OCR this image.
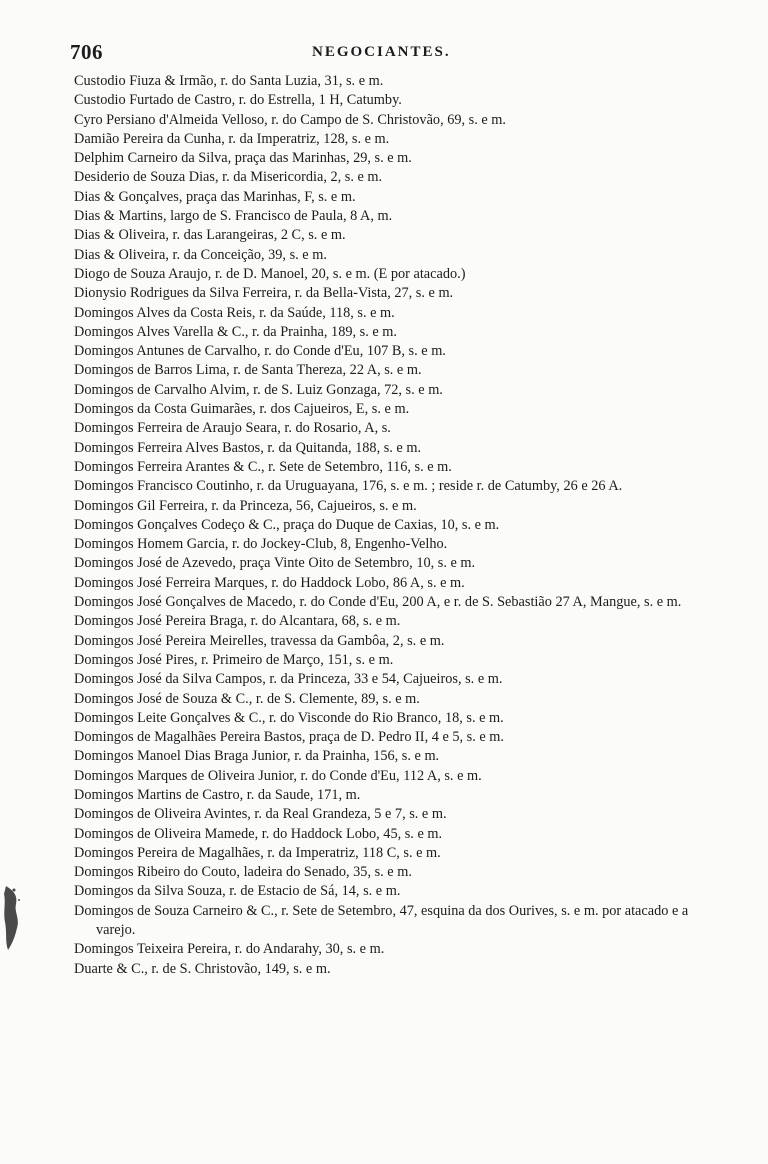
706	NEGOCIANTES.
Custodio Fiuza & Irmão, r. do Santa Luzia, 31, s. e m.
Custodio Furtado de Castro, r. do Estrella, 1 H, Catumby.
Cyro Persiano d'Almeida Velloso, r. do Campo de S. Christovão, 69, s. e m.
Damião Pereira da Cunha, r. da Imperatriz, 128, s. e m.
Delphim Carneiro da Silva, praça das Marinhas, 29, s. e m.
Desiderio de Souza Dias, r. da Misericordia, 2, s. e m.
Dias & Gonçalves, praça das Marinhas, F, s. e m.
Dias & Martins, largo de S. Francisco de Paula, 8 A, m.
Dias & Oliveira, r. das Larangeiras, 2 C, s. e m.
Dias & Oliveira, r. da Conceição, 39, s. e m.
Diogo de Souza Araujo, r. de D. Manoel, 20, s. e m. (E por atacado.)
Dionysio Rodrigues da Silva Ferreira, r. da Bella-Vista, 27, s. e m.
Domingos Alves da Costa Reis, r. da Saúde, 118, s. e m.
Domingos Alves Varella & C., r. da Prainha, 189, s. e m.
Domingos Antunes de Carvalho, r. do Conde d'Eu, 107 B, s. e m.
Domingos de Barros Lima, r. de Santa Thereza, 22 A, s. e m.
Domingos de Carvalho Alvim, r. de S. Luiz Gonzaga, 72, s. e m.
Domingos da Costa Guimarães, r. dos Cajueiros, E, s. e m.
Domingos Ferreira de Araujo Seara, r. do Rosario, A, s.
Domingos Ferreira Alves Bastos, r. da Quitanda, 188, s. e m.
Domingos Ferreira Arantes & C., r. Sete de Setembro, 116, s. e m.
Domingos Francisco Coutinho, r. da Uruguayana, 176, s. e m. ; reside r. de Catumby, 26 e 26 A.
Domingos Gil Ferreira, r. da Princeza, 56, Cajueiros, s. e m.
Domingos Gonçalves Codeço & C., praça do Duque de Caxias, 10, s. e m.
Domingos Homem Garcia, r. do Jockey-Club, 8, Engenho-Velho.
Domingos José de Azevedo, praça Vinte Oito de Setembro, 10, s. e m.
Domingos José Ferreira Marques, r. do Haddock Lobo, 86 A, s. e m.
Domingos José Gonçalves de Macedo, r. do Conde d'Eu, 200 A, e r. de S. Sebastião 27 A, Mangue, s. e m.
Domingos José Pereira Braga, r. do Alcantara, 68, s. e m.
Domingos José Pereira Meirelles, travessa da Gambôa, 2, s. e m.
Domingos José Pires, r. Primeiro de Março, 151, s. e m.
Domingos José da Silva Campos, r. da Princeza, 33 e 54, Cajueiros, s. e m.
Domingos José de Souza & C., r. de S. Clemente, 89, s. e m.
Domingos Leite Gonçalves & C., r. do Visconde do Rio Branco, 18, s. e m.
Domingos de Magalhães Pereira Bastos, praça de D. Pedro II, 4 e 5, s. e m.
Domingos Manoel Dias Braga Junior, r. da Prainha, 156, s. e m.
Domingos Marques de Oliveira Junior, r. do Conde d'Eu, 112 A, s. e m.
Domingos Martins de Castro, r. da Saude, 171, m.
Domingos de Oliveira Avintes, r. da Real Grandeza, 5 e 7, s. e m.
Domingos de Oliveira Mamede, r. do Haddock Lobo, 45, s. e m.
Domingos Pereira de Magalhães, r. da Imperatriz, 118 C, s. e m.
Domingos Ribeiro do Couto, ladeira do Senado, 35, s. e m.
Domingos da Silva Souza, r. de Estacio de Sá, 14, s. e m.
Domingos de Souza Carneiro & C., r. Sete de Setembro, 47, esquina da dos Ourives, s. e m. por atacado e a varejo.
Domingos Teixeira Pereira, r. do Andarahy, 30, s. e m.
Duarte & C., r. de S. Christovão, 149, s. e m.
